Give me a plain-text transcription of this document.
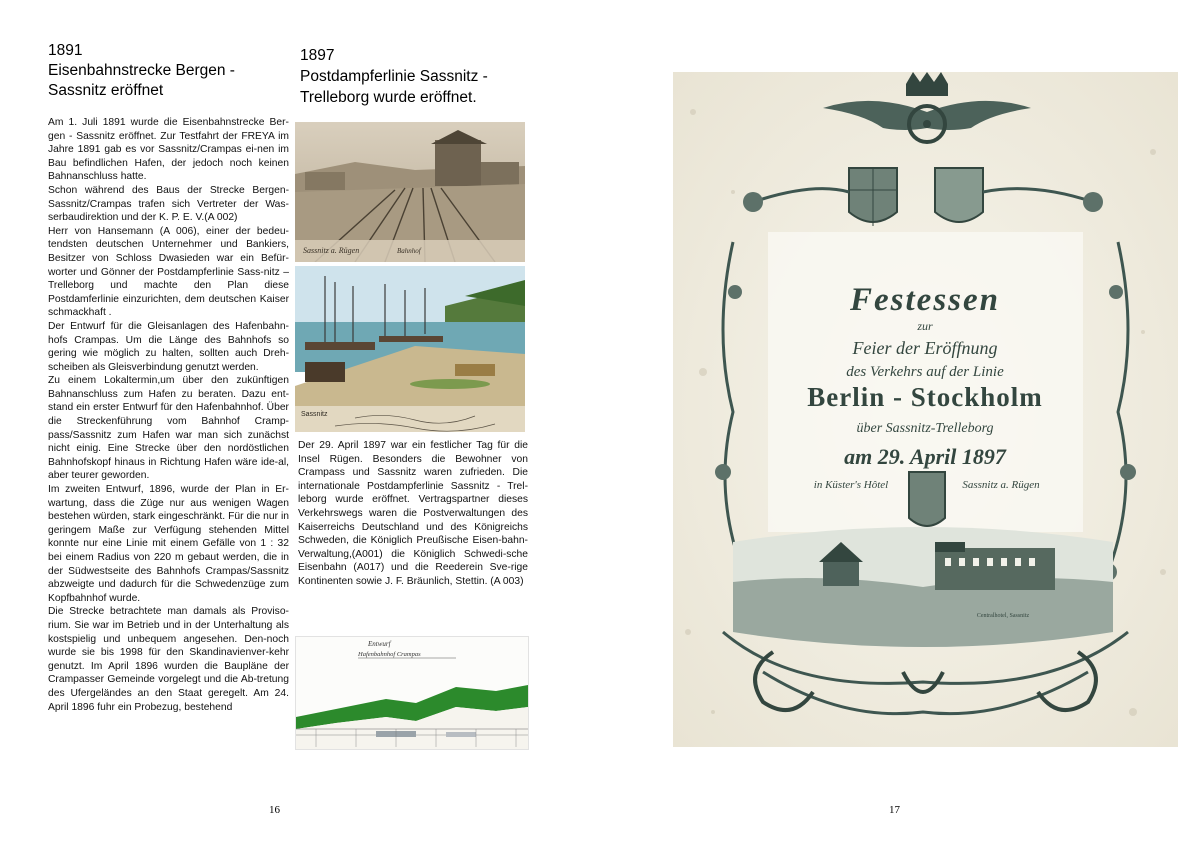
1891
Eisenbahnstrecke Bergen -
Sassnitz eröffnet
1897
Postdampferlinie Sassnitz -
Trelleborg wurde eröffnet.
Am 1. Juli 1891 wurde die Eisenbahnstrecke Ber-gen - Sassnitz eröffnet. Zur Testfahrt der FREYA im Jahre 1891 gab es vor Sassnitz/Crampas ei-nen im Bau befindlichen Hafen, der jedoch noch keinen Bahnanschluss hatte.
Schon während des Baus der Strecke Bergen-Sassnitz/Crampas trafen sich Vertreter der Was-serbaudirektion und der K. P. E. V.(A 002)
Herr von Hansemann (A 006), einer der bedeu-tendsten deutschen Unternehmer und Bankiers, Besitzer von Schloss Dwasieden war ein Befür-worter und Gönner der Postdampferlinie Sass-nitz – Trelleborg und machte den Plan diese Postdamferlinie einzurichten, dem deutschen Kaiser schmackhaft .
Der Entwurf für die Gleisanlagen des Hafenbahn-hofs Crampas. Um die Länge des Bahnhofs so gering wie möglich zu halten, sollten auch Dreh-scheiben als Gleisverbindung genutzt werden.
Zu einem Lokaltermin,um über den zukünftigen Bahnanschluss zum Hafen zu beraten. Dazu ent-stand ein erster Entwurf für den Hafenbahnhof. Über die Streckenführung vom Bahnhof Cramp-pass/Sassnitz zum Hafen war man sich zunächst nicht einig. Eine Strecke über den nordöstlichen Bahnhofskopf hinaus in Richtung Hafen wäre ide-al, aber teurer geworden.
Im zweiten Entwurf, 1896, wurde der Plan in Er-wartung, dass die Züge nur aus wenigen Wagen bestehen würden, stark eingeschränkt. Für die nur in geringem Maße zur Verfügung stehenden Mittel konnte nur eine Linie mit einem Gefälle von 1 : 32 bei einem Radius von 220 m gebaut werden, die in der Südwestseite des Bahnhofs Crampas/Sassnitz abzweigte und dadurch für die Schwedenzüge zum Kopfbahnhof wurde.
Die Strecke betrachtete man damals als Proviso-rium. Sie war im Betrieb und in der Unterhaltung als kostspielig und unbequem angesehen. Den-noch wurde sie bis 1998 für den Skandinavienver-kehr genutzt. Im April 1896 wurden die Baupläne der Crampasser Gemeinde vorgelegt und die Ab-tretung des Ufergeländes an den Staat geregelt. Am 24. April 1896 fuhr ein Probezug, bestehend
Sassnitz a. Rügen	Bahnhof
Sassnitz
Der 29. April 1897 war ein festlicher Tag für die Insel Rügen. Besonders die Bewohner von Crampass und Sassnitz waren zufrieden. Die internationale Postdampferlinie Sassnitz - Trel-leborg wurde eröffnet. Vertragspartner dieses Verkehrswegs waren die Postverwaltungen des Kaiserreichs Deutschland und des Königreichs Schweden, die Königlich Preußische Eisen-bahn-Verwaltung,(A001) die Königlich Schwedi-sche Eisenbahn (A017) und die Reederein Sve-rige Kontinenten sowie J. F. Bräunlich, Stettin. (A 003)
Entwurf
Hafenbahnhof Crampas
16	17
Festessen
zur
Feier der Eröffnung
des Verkehrs auf der Linie
Berlin - Stockholm
über Sassnitz-Trelleborg
am 29. April 1897
in Küster's Hôtel	Sassnitz a. Rügen
Centralhotel, Sassnitz
